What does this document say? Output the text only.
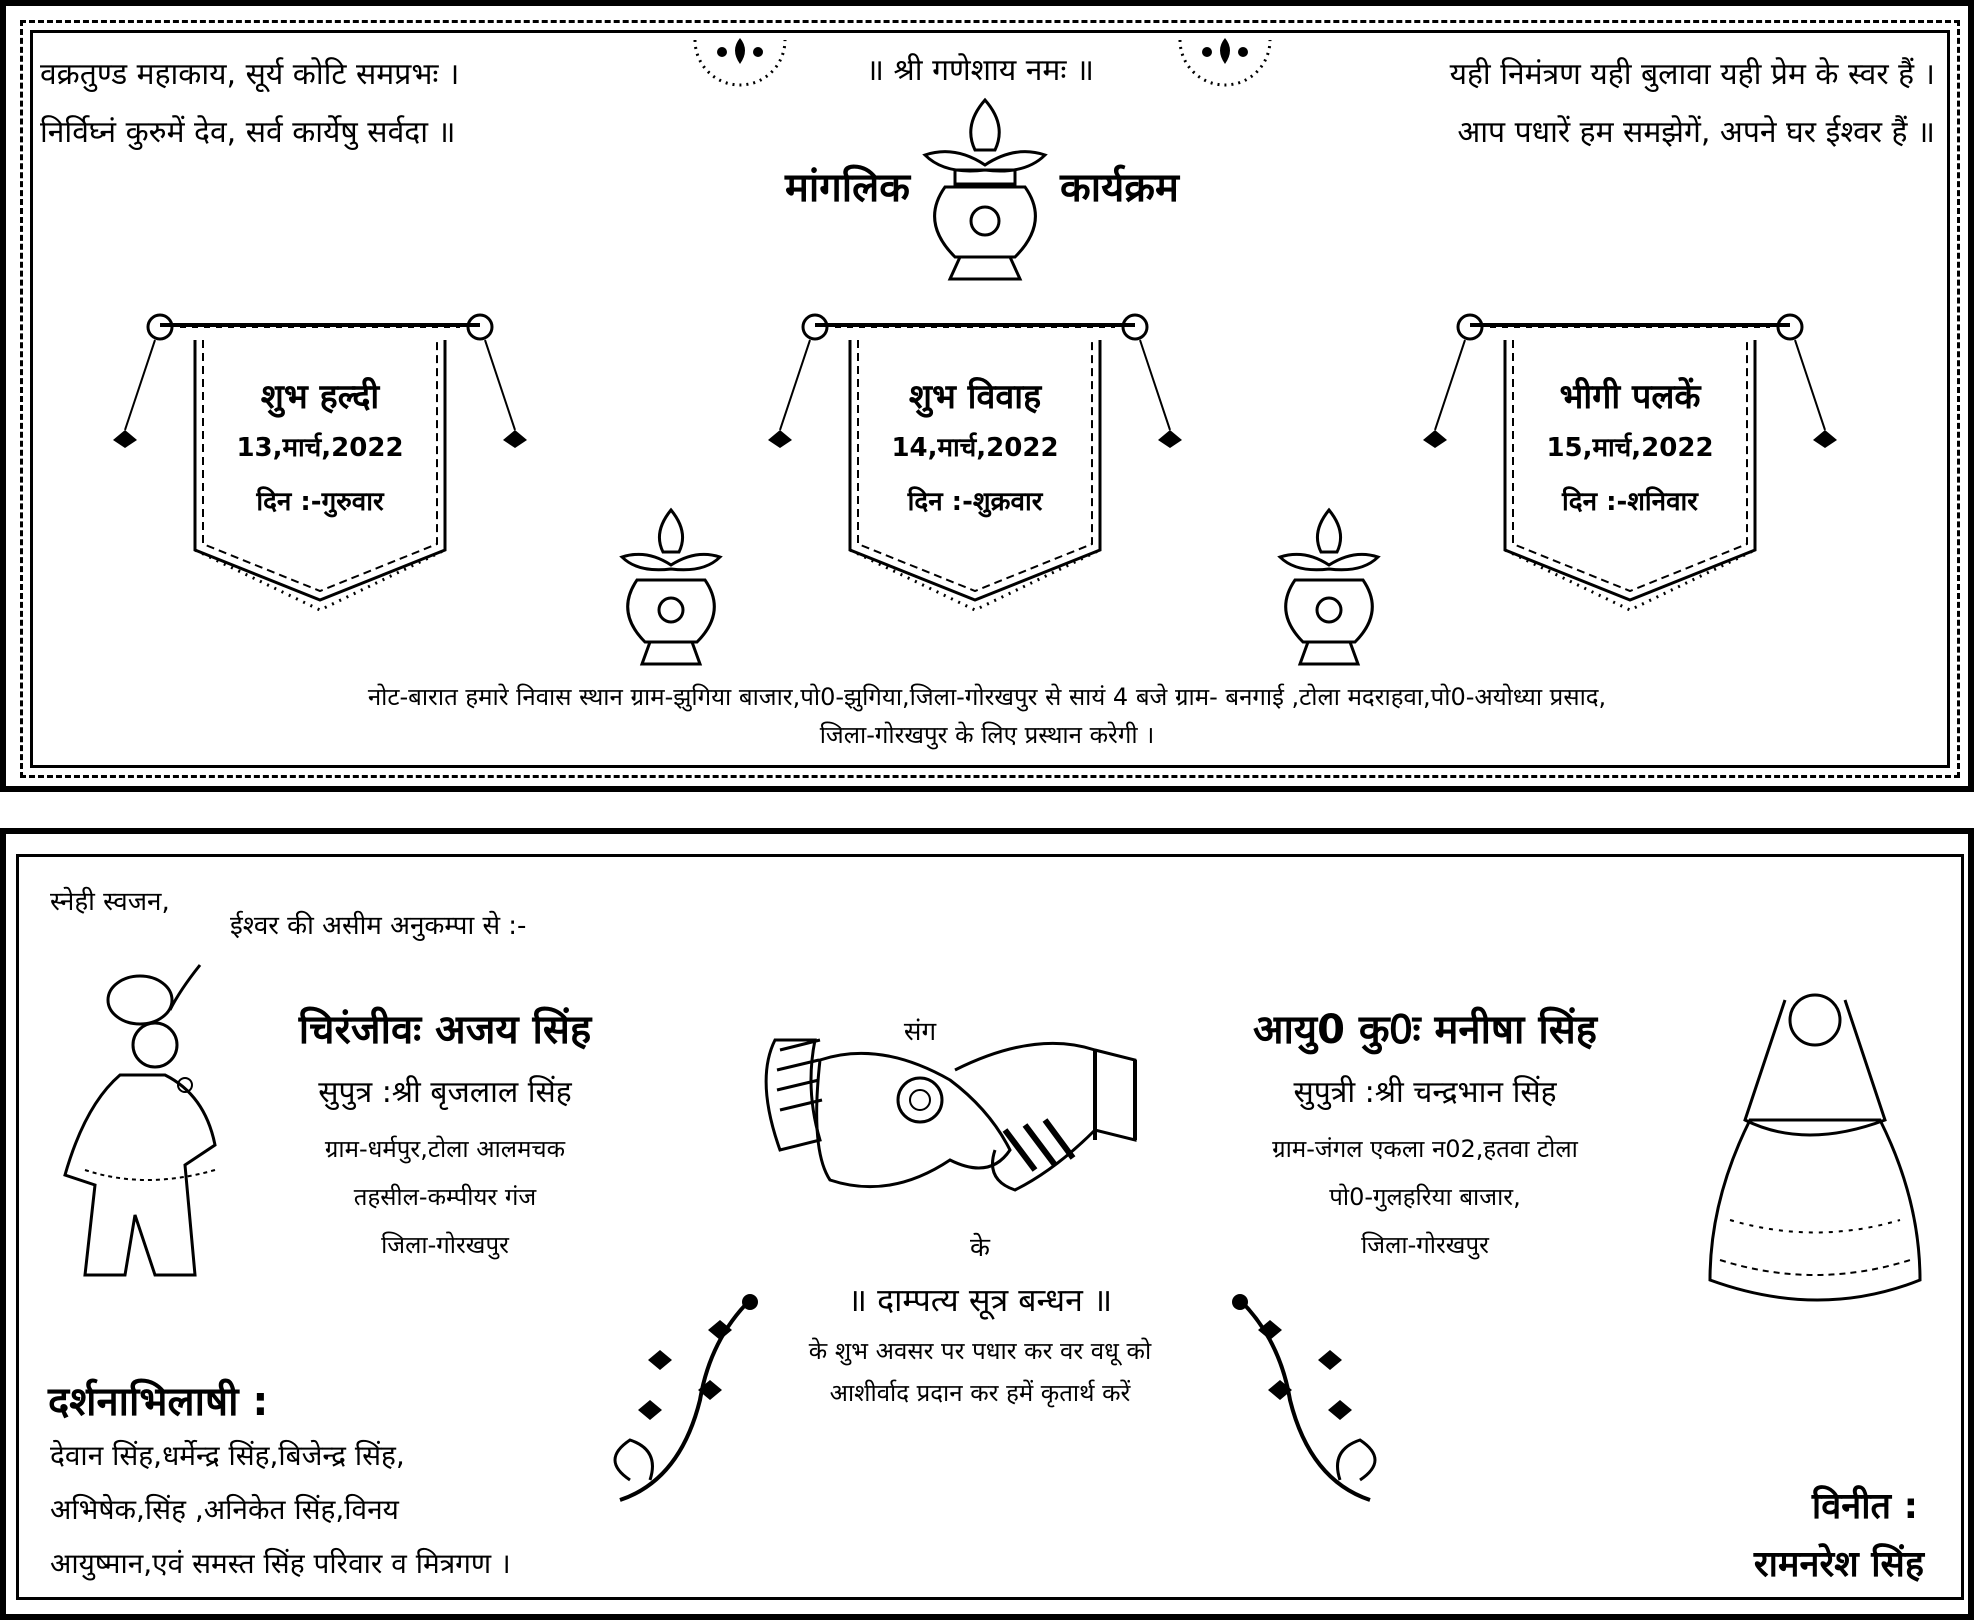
वक्रतुण्ड महाकाय, सूर्य कोटि समप्रभः ।
निर्विघ्नं कुरुमें देव, सर्व कार्येषु सर्वदा ॥
॥ श्री गणेशाय नमः ॥	यही निमंत्रण यही बुलावा यही प्रेम के स्वर हैं ।
आप पधारें हम समझेगें, अपने घर ईश्वर हैं ॥
मांगलिक	कार्यक्रम
शुभ हल्दी
13,मार्च,2022
दिन :-गुरुवार
शुभ विवाह
14,मार्च,2022
दिन :-शुक्रवार
भीगी पलकें
15,मार्च,2022
दिन :-शनिवार
नोट-बारात हमारे निवास स्थान ग्राम-झुगिया बाजार,पो0-झुगिया,जिला-गोरखपुर से सायं 4 बजे ग्राम- बनगाई ,टोला मदराहवा,पो0-अयोध्या प्रसाद,
जिला-गोरखपुर के लिए प्रस्थान करेगी ।
स्नेही स्वजन,
ईश्वर की असीम अनुकम्पा से :-
चिरंजीवः अजय सिंह
सुपुत्र :श्री बृजलाल सिंह
ग्राम-धर्मपुर,टोला आलमचक
तहसील-कम्पीयर गंज
जिला-गोरखपुर
संग
के
आयु0 कु0ः मनीषा सिंह
सुपुत्री :श्री चन्द्रभान सिंह
ग्राम-जंगल एकला न02,हतवा टोला
पो0-गुलहरिया बाजार,
जिला-गोरखपुर
॥ दाम्पत्य सूत्र बन्धन ॥
के शुभ अवसर पर पधार कर वर वधू को
आशीर्वाद प्रदान कर हमें कृतार्थ करें
दर्शनाभिलाषी :
देवान सिंह,धर्मेन्द्र सिंह,बिजेन्द्र सिंह,
अभिषेक,सिंह ,अनिकेत सिंह,विनय
आयुष्मान,एवं समस्त सिंह परिवार व मित्रगण ।
विनीत :
रामनरेश सिंह
